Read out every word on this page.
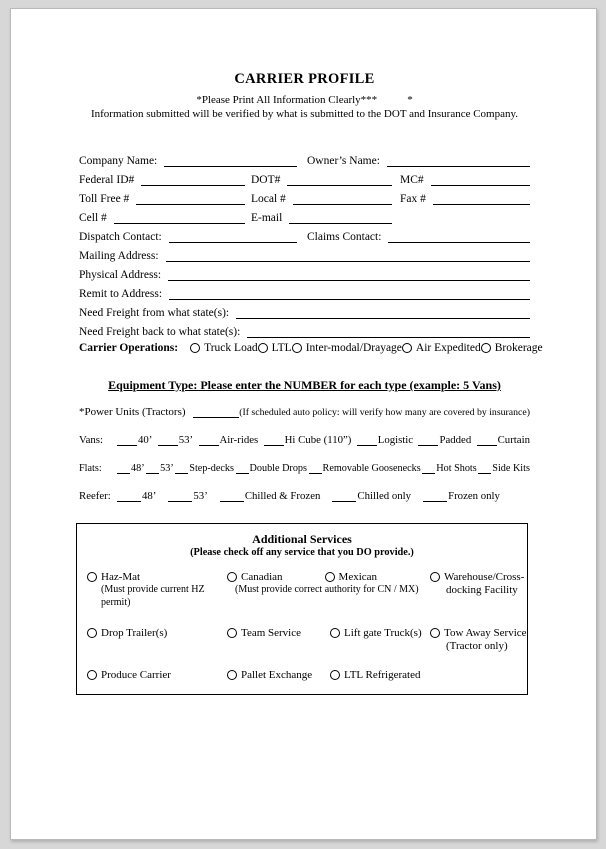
CARRIER PROFILE
*Please Print All Information Clearly***	*
Information submitted will be verified by what is submitted to the DOT and Insurance Company.
Company Name:	Owner’s Name:
Federal ID#	DOT#	MC#
Toll Free #	Local #	Fax #
Cell #	E-mail
Dispatch Contact:	Claims Contact:
Mailing Address:
Physical Address:
Remit to Address:
Need Freight from what state(s):
Need Freight back to what state(s):
Carrier Operations: Truck Load LTL Inter-modal/Drayage Air Expedited Brokerage
Equipment Type: Please enter the NUMBER for each type (example: 5 Vans)
*Power Units (Tractors)	(If scheduled auto policy: will verify how many are covered by insurance)
Vans:	40’ 53’ Air-rides Hi Cube (110”) Logistic Padded Curtain
Flats:	48’ 53’ Step-decks Double Drops Removable Goosenecks Hot Shots Side Kits
Reefer:	48’	53’	Chilled & Frozen	Chilled only	Frozen only
Additional Services
(Please check off any service that you DO provide.)
Haz-Mat
(Must provide current HZ
permit)
Canadian	Mexican
(Must provide correct authority for CN / MX)
Warehouse/Cross-
docking Facility
Drop Trailer(s)	Team Service	Lift gate Truck(s) Tow Away Service
(Tractor only)
Produce Carrier	Pallet Exchange	LTL Refrigerated
